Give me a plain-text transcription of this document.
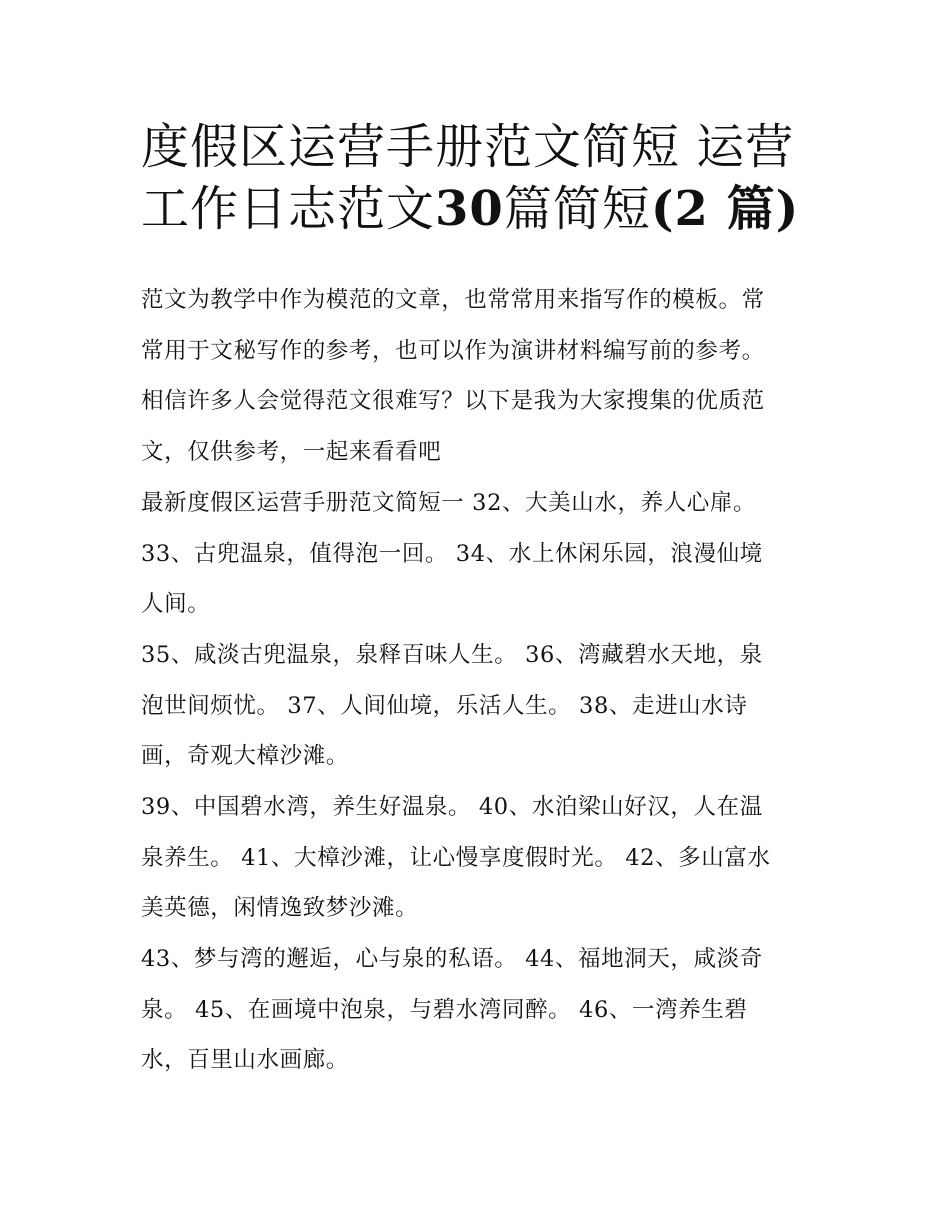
度假区运营手册范文简短 运营
工作日志范文30篇简短(2 篇)

范文为教学中作为模范的文章，也常常用来指写作的模板。常
常用于文秘写作的参考，也可以作为演讲材料编写前的参考。
相信许多人会觉得范文很难写？以下是我为大家搜集的优质范
文，仅供参考，一起来看看吧

最新度假区运营手册范文简短一 32、大美山水，养人心扉。
33、古兜温泉，值得泡一回。 34、水上休闲乐园，浪漫仙境
人间。

35、咸淡古兜温泉，泉释百味人生。 36、湾藏碧水天地，泉
泡世间烦忧。 37、人间仙境，乐活人生。 38、走进山水诗
画，奇观大樟沙滩。

39、中国碧水湾，养生好温泉。 40、水泊梁山好汉，人在温
泉养生。 41、大樟沙滩，让心慢享度假时光。 42、多山富水
美英德，闲情逸致梦沙滩。

43、梦与湾的邂逅，心与泉的私语。 44、福地洞天，咸淡奇
泉。 45、在画境中泡泉，与碧水湾同醉。 46、一湾养生碧
水，百里山水画廊。
